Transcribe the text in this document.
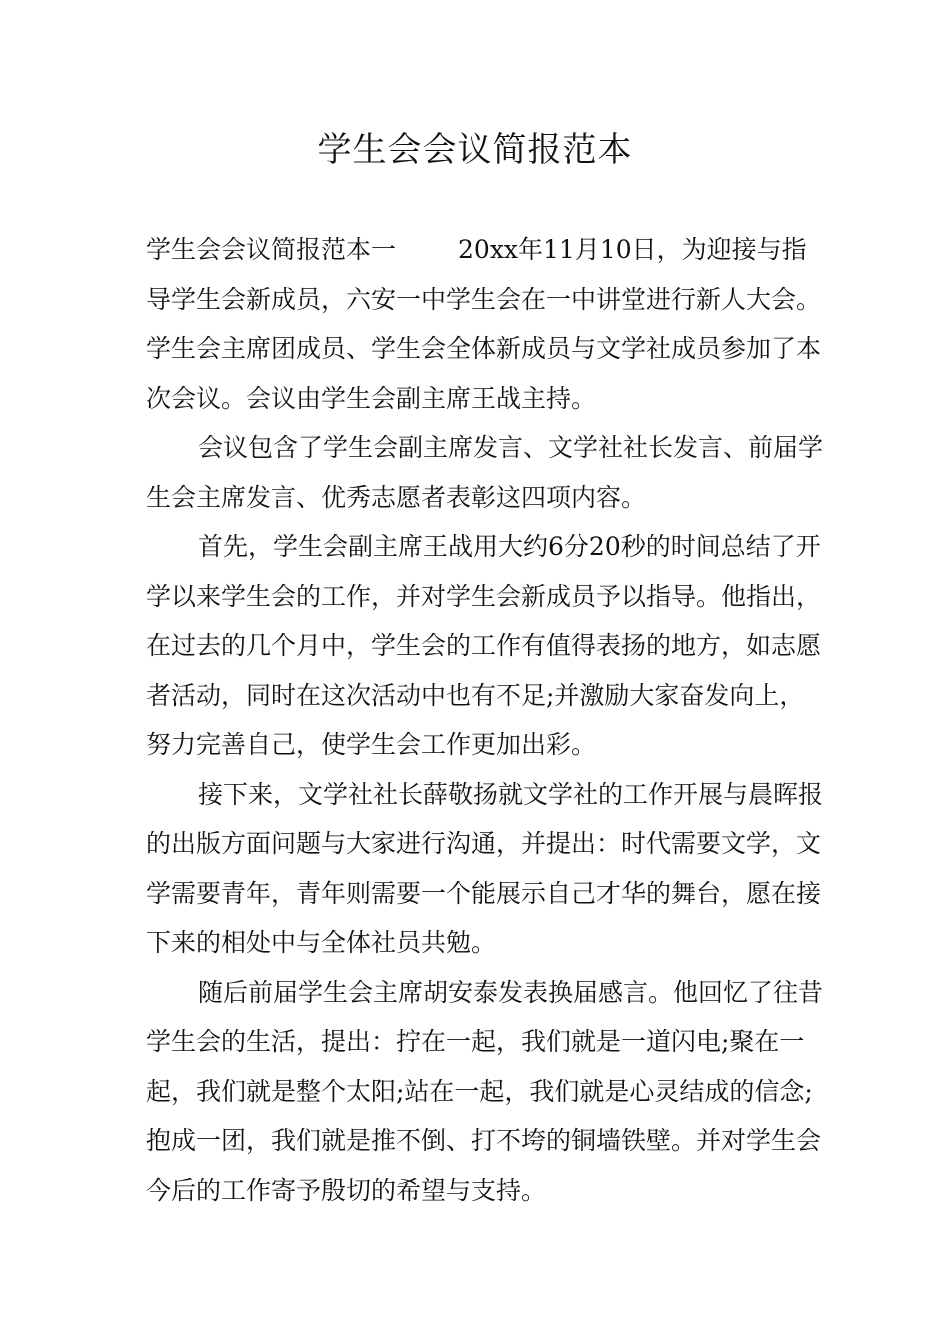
学生会会议简报范本

学生会会议简报范本一 20xx年11月10日，为迎接与指导学生会新成员，六安一中学生会在一中讲堂进行新人大会。学生会主席团成员、学生会全体新成员与文学社成员参加了本次会议。会议由学生会副主席王战主持。

会议包含了学生会副主席发言、文学社社长发言、前届学生会主席发言、优秀志愿者表彰这四项内容。

首先，学生会副主席王战用大约6分20秒的时间总结了开学以来学生会的工作，并对学生会新成员予以指导。他指出，在过去的几个月中，学生会的工作有值得表扬的地方，如志愿者活动，同时在这次活动中也有不足;并激励大家奋发向上，努力完善自己，使学生会工作更加出彩。

接下来，文学社社长薛敬扬就文学社的工作开展与晨晖报的出版方面问题与大家进行沟通，并提出：时代需要文学，文学需要青年，青年则需要一个能展示自己才华的舞台，愿在接下来的相处中与全体社员共勉。

随后前届学生会主席胡安泰发表换届感言。他回忆了往昔学生会的生活，提出：拧在一起，我们就是一道闪电;聚在一起，我们就是整个太阳;站在一起，我们就是心灵结成的信念;抱成一团，我们就是推不倒、打不垮的铜墙铁壁。并对学生会今后的工作寄予殷切的希望与支持。
